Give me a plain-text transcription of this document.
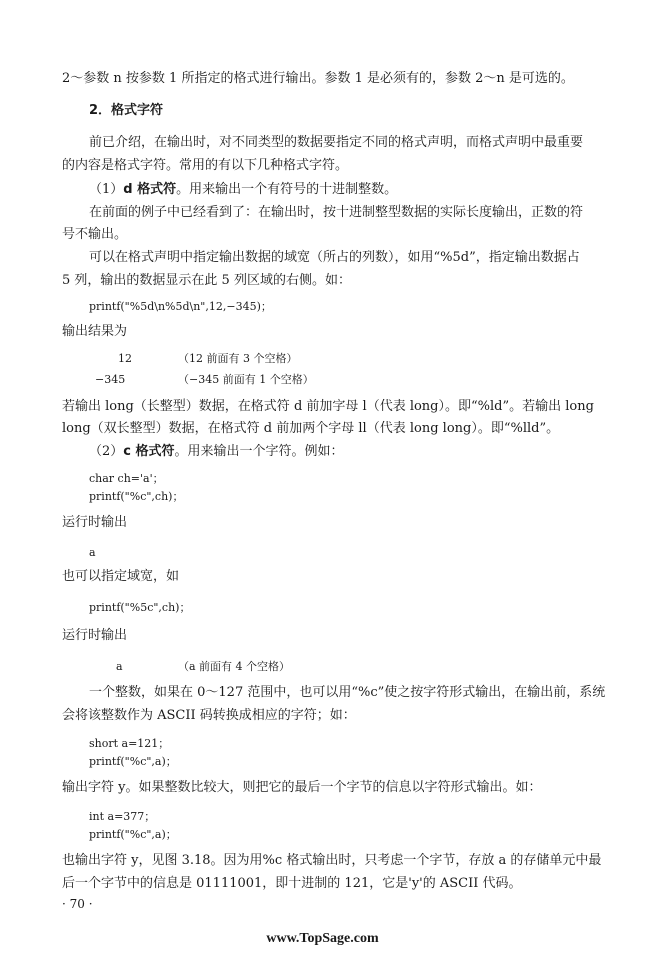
2～参数 n 按参数 1 所指定的格式进行输出。参数 1 是必须有的，参数 2～n 是可选的。
2．格式字符
前已介绍，在输出时，对不同类型的数据要指定不同的格式声明，而格式声明中最重要
的内容是格式字符。常用的有以下几种格式字符。
（1）d 格式符。用来输出一个有符号的十进制整数。
在前面的例子中已经看到了：在输出时，按十进制整型数据的实际长度输出，正数的符
号不输出。
可以在格式声明中指定输出数据的域宽（所占的列数），如用“%5d”，指定输出数据占
5 列，输出的数据显示在此 5 列区域的右侧。如：
printf("%5d\n%5d\n",12,−345)；
输出结果为
12	（12 前面有 3 个空格）
−345	（−345 前面有 1 个空格）
若输出 long（长整型）数据，在格式符 d 前加字母 l（代表 long）。即“%ld”。若输出 long
long（双长整型）数据，在格式符 d 前加两个字母 ll（代表 long long）。即“%lld”。
（2）c 格式符。用来输出一个字符。例如：
char ch='a'；
printf("%c",ch)；
运行时输出
a
也可以指定域宽，如
printf("%5c",ch)；
运行时输出
a	（a 前面有 4 个空格）
一个整数，如果在 0～127 范围中，也可以用“%c”使之按字符形式输出，在输出前，系统
会将该整数作为 ASCII 码转换成相应的字符；如：
short a=121；
printf("%c",a)；
输出字符 y。如果整数比较大，则把它的最后一个字节的信息以字符形式输出。如：
int a=377；
printf("%c",a)；
也输出字符 y，见图 3.18。因为用%c 格式输出时，只考虑一个字节，存放 a 的存储单元中最
后一个字节中的信息是 01111001，即十进制的 121，它是'y'的 ASCII 代码。
· 70 ·
www.TopSage.com
